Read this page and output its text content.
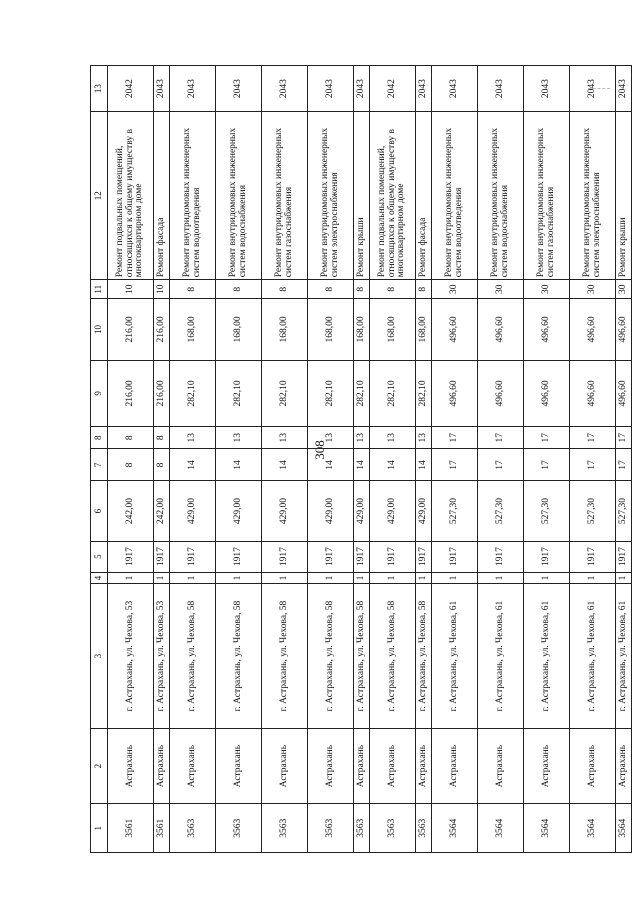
308
1	2	3	4	5	6	7	8	9	10	11	12	13
3561	Астрахань	г. Астрахань, ул. Чехова, 53	1	1917	242,00	8	8	216,00	216,00	10	Ремонт подвальных помещений, относящихся к общему имуществу в многоквартирном доме	2042
3561	Астрахань	г. Астрахань, ул. Чехова, 53	1	1917	242,00	8	8	216,00	216,00	10	Ремонт фасада	2043
3563	Астрахань	г. Астрахань, ул. Чехова, 58	1	1917	429,00	14	13	282,10	168,00	8	Ремонт внутридомовых инженерных систем водоотведения	2043
3563	Астрахань	г. Астрахань, ул. Чехова, 58	1	1917	429,00	14	13	282,10	168,00	8	Ремонт внутридомовых инженерных систем водоснабжения	2043
3563	Астрахань	г. Астрахань, ул. Чехова, 58	1	1917	429,00	14	13	282,10	168,00	8	Ремонт внутридомовых инженерных систем газоснабжения	2043
3563	Астрахань	г. Астрахань, ул. Чехова, 58	1	1917	429,00	14	13	282,10	168,00	8	Ремонт внутридомовых инженерных систем электроснабжения	2043
3563	Астрахань	г. Астрахань, ул. Чехова, 58	1	1917	429,00	14	13	282,10	168,00	8	Ремонт крыши	2043
3563	Астрахань	г. Астрахань, ул. Чехова, 58	1	1917	429,00	14	13	282,10	168,00	8	Ремонт подвальных помещений, относящихся к общему имуществу в многоквартирном доме	2042
3563	Астрахань	г. Астрахань, ул. Чехова, 58	1	1917	429,00	14	13	282,10	168,00	8	Ремонт фасада	2043
3564	Астрахань	г. Астрахань, ул. Чехова, 61	1	1917	527,30	17	17	496,60	496,60	30	Ремонт внутридомовых инженерных систем водоотведения	2043
3564	Астрахань	г. Астрахань, ул. Чехова, 61	1	1917	527,30	17	17	496,60	496,60	30	Ремонт внутридомовых инженерных систем водоснабжения	2043
3564	Астрахань	г. Астрахань, ул. Чехова, 61	1	1917	527,30	17	17	496,60	496,60	30	Ремонт внутридомовых инженерных систем газоснабжения	2043
3564	Астрахань	г. Астрахань, ул. Чехова, 61	1	1917	527,30	17	17	496,60	496,60	30	Ремонт внутридомовых инженерных систем электроснабжения	2043
3564	Астрахань	г. Астрахань, ул. Чехова, 61	1	1917	527,30	17	17	496,60	496,60	30	Ремонт крыши	2043
